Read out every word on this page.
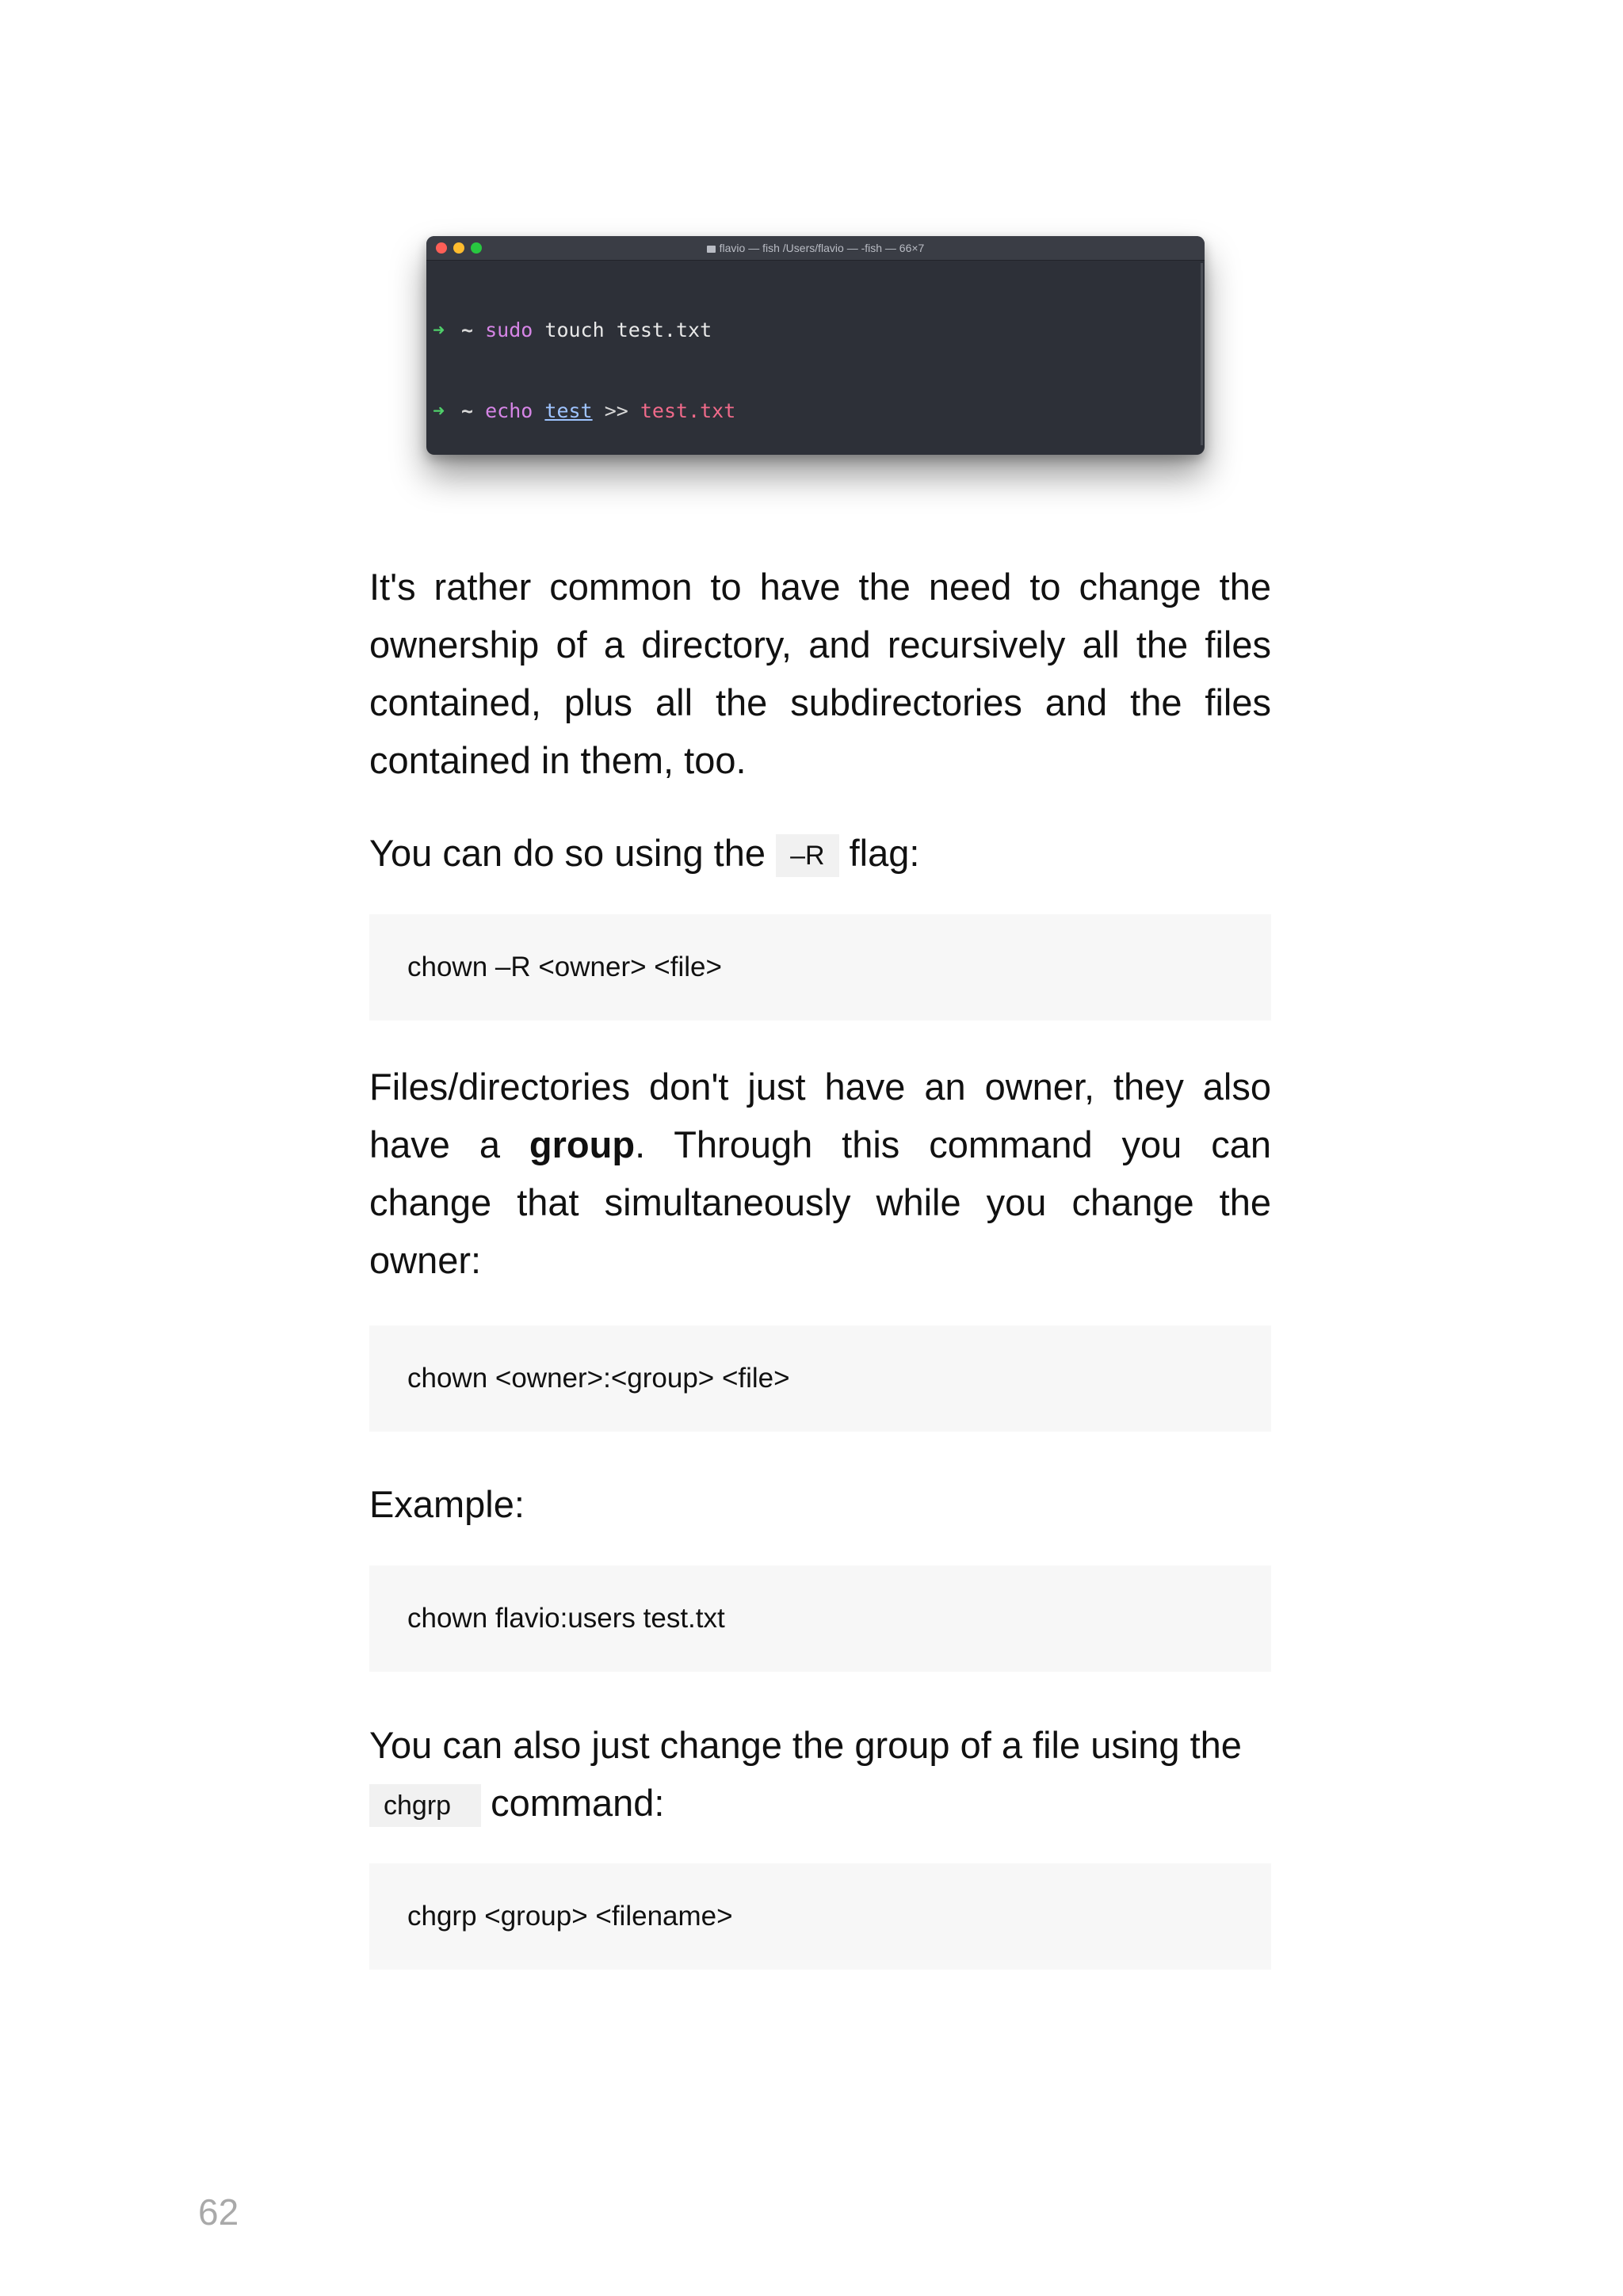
flavio — fish /Users/flavio — -fish — 66×7

➜ ~ sudo touch test.txt

➜ ~ echo test >> test.txt

It's rather common to have the need to change the ownership of a directory, and recursively all the files contained, plus all the subdirectories and the files contained in them, too.

You can do so using the –R flag:

chown –R <owner> <file>

Files/directories don't just have an owner, they also have a group. Through this command you can change that simultaneously while you change the owner:

chown <owner>:<group> <file>

Example:

chown flavio:users test.txt

You can also just change the group of a file using the chgrp command:

chgrp <group> <filename>
62
